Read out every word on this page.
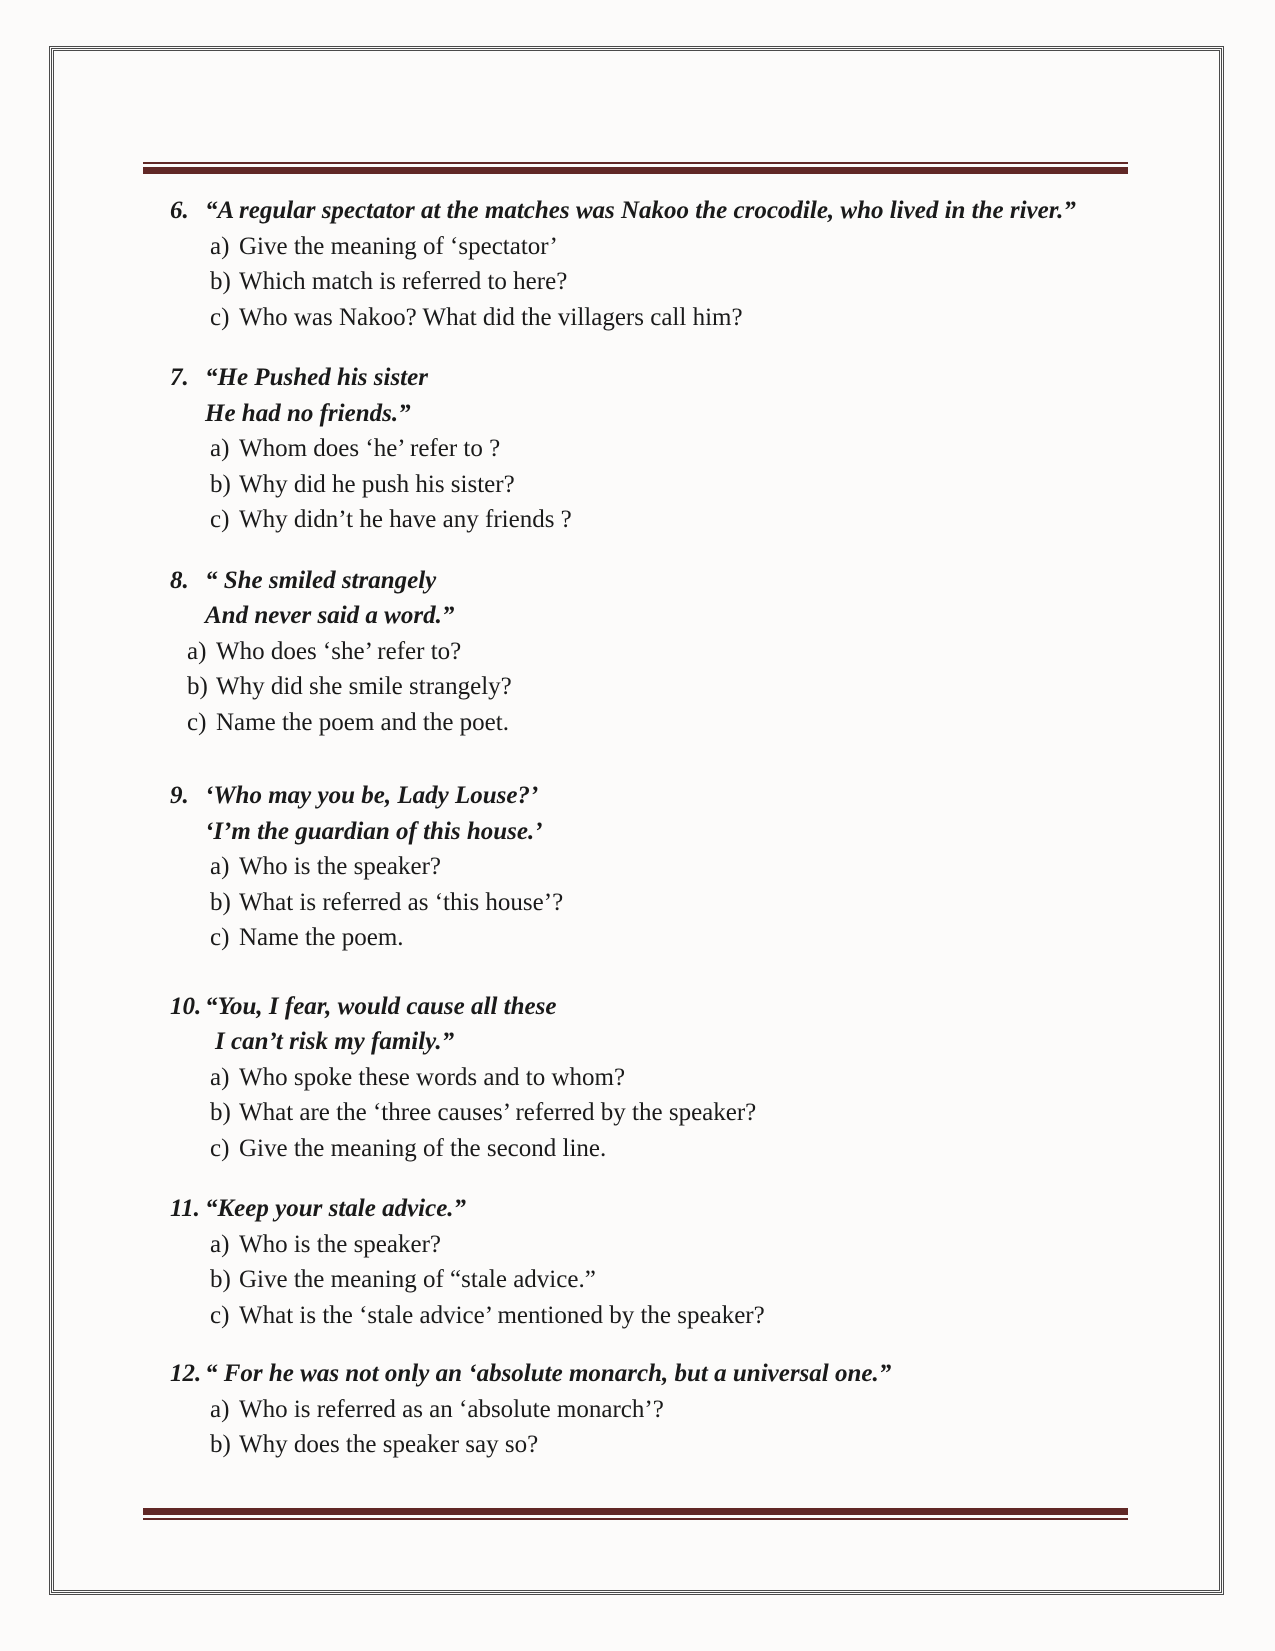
6. “A regular spectator at the matches was Nakoo the crocodile, who lived in the river.”
a) Give the meaning of ‘spectator’
b) Which match is referred to here?
c) Who was Nakoo? What did the villagers call him?
7. “He Pushed his sister
He had no friends.”
a) Whom does ‘he’ refer to ?
b) Why did he push his sister?
c) Why didn’t he have any friends ?
8. “ She smiled strangely
And never said a word.”
a) Who does ‘she’ refer to?
b) Why did she smile strangely?
c) Name the poem and the poet.
9. ‘Who may you be, Lady Louse?’
‘I’m the guardian of this house.’
a) Who is the speaker?
b) What is referred as ‘this house’?
c) Name the poem.
10. “You, I fear, would cause all these
I can’t risk my family.”
a) Who spoke these words and to whom?
b) What are the ‘three causes’ referred by the speaker?
c) Give the meaning of the second line.
11. “Keep your stale advice.”
a) Who is the speaker?
b) Give the meaning of “stale advice.”
c) What is the ‘stale advice’ mentioned by the speaker?
12. “ For he was not only an ‘absolute monarch, but a universal one.”
a) Who is referred as an ‘absolute monarch’?
b) Why does the speaker say so?
